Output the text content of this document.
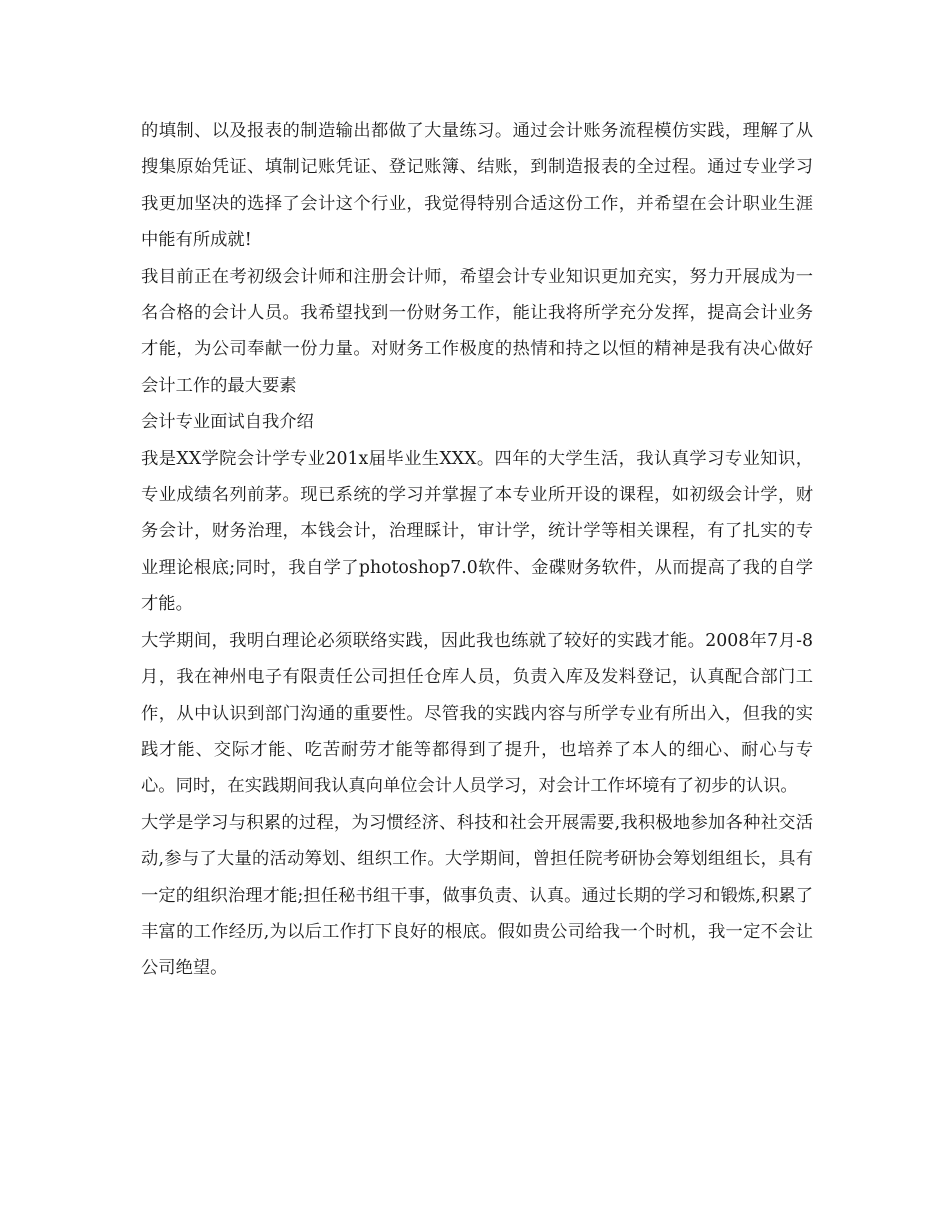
的填制、以及报表的制造输出都做了大量练习。通过会计账务流程模仿实践，理解了从搜集原始凭证、填制记账凭证、登记账簿、结账，到制造报表的全过程。通过专业学习我更加坚决的选择了会计这个行业，我觉得特别合适这份工作，并希望在会计职业生涯中能有所成就!

我目前正在考初级会计师和注册会计师，希望会计专业知识更加充实，努力开展成为一名合格的会计人员。我希望找到一份财务工作，能让我将所学充分发挥，提高会计业务才能，为公司奉献一份力量。对财务工作极度的热情和持之以恒的精神是我有决心做好会计工作的最大要素

会计专业面试自我介绍

我是XX学院会计学专业201x届毕业生XXX。四年的大学生活，我认真学习专业知识，专业成绩名列前茅。现已系统的学习并掌握了本专业所开设的课程，如初级会计学，财务会计，财务治理，本钱会计，治理睬计，审计学，统计学等相关课程，有了扎实的专业理论根底;同时，我自学了photoshop7.0软件、金碟财务软件，从而提高了我的自学才能。

大学期间，我明白理论必须联络实践，因此我也练就了较好的实践才能。2008年7月-8月，我在神州电子有限责任公司担任仓库人员，负责入库及发料登记，认真配合部门工作，从中认识到部门沟通的重要性。尽管我的实践内容与所学专业有所出入，但我的实践才能、交际才能、吃苦耐劳才能等都得到了提升，也培养了本人的细心、耐心与专心。同时，在实践期间我认真向单位会计人员学习，对会计工作坏境有了初步的认识。

大学是学习与积累的过程，为习惯经济、科技和社会开展需要,我积极地参加各种社交活动,参与了大量的活动筹划、组织工作。大学期间，曾担任院考研协会筹划组组长，具有一定的组织治理才能;担任秘书组干事，做事负责、认真。通过长期的学习和锻炼,积累了丰富的工作经历,为以后工作打下良好的根底。假如贵公司给我一个时机，我一定不会让公司绝望。
